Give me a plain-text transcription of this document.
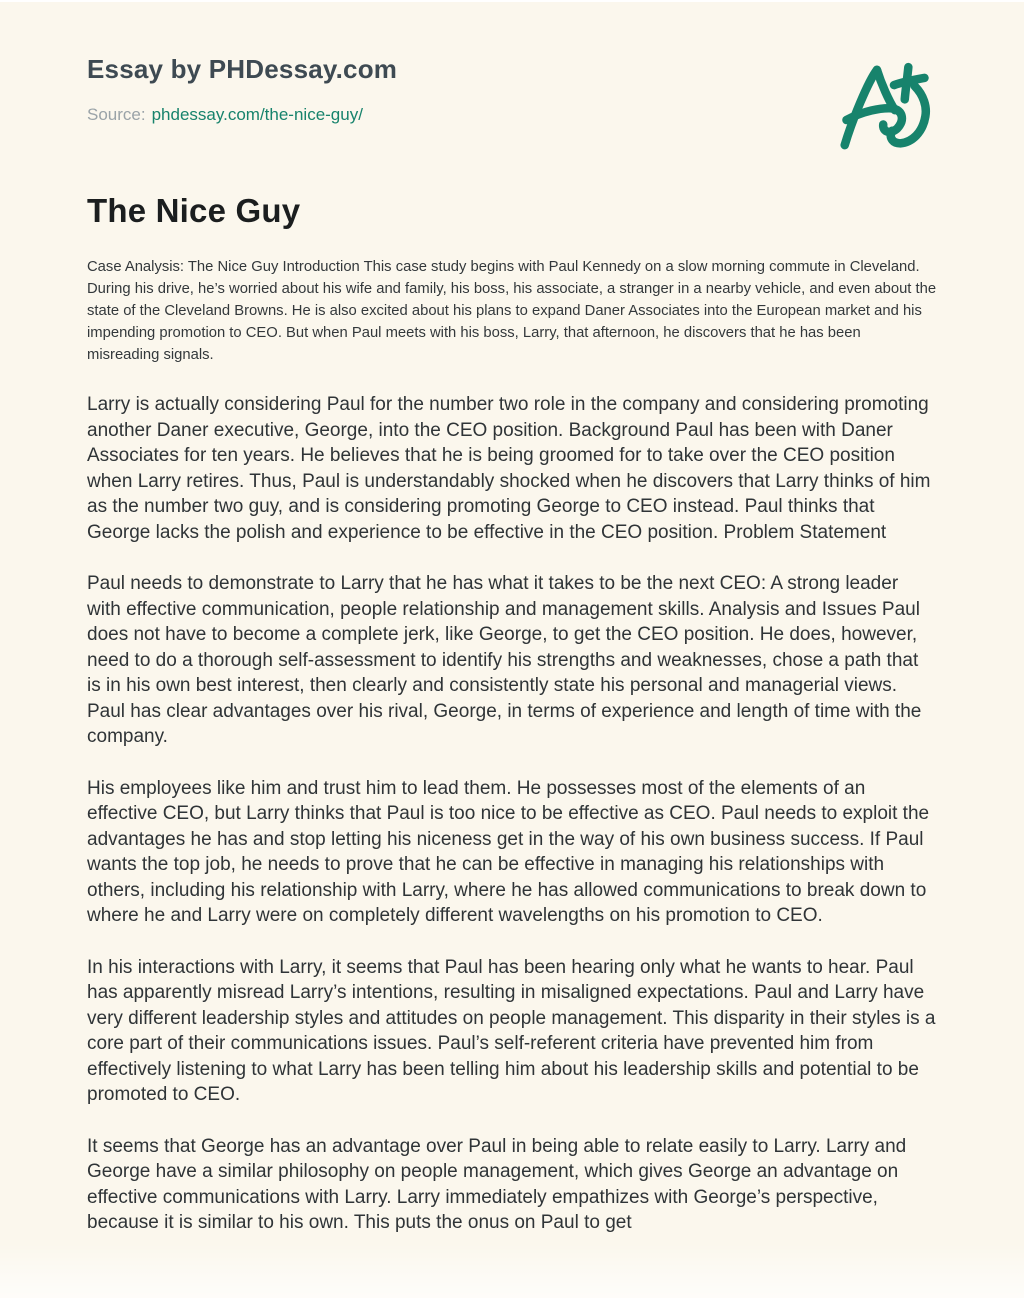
Essay by PHDessay.com
Source: phdessay.com/the-nice-guy/
The Nice Guy

Case Analysis: The Nice Guy Introduction This case study begins with Paul Kennedy on a slow morning commute in Cleveland. During his drive, he’s worried about his wife and family, his boss, his associate, a stranger in a nearby vehicle, and even about the state of the Cleveland Browns. He is also excited about his plans to expand Daner Associates into the European market and his impending promotion to CEO. But when Paul meets with his boss, Larry, that afternoon, he discovers that he has been misreading signals.

Larry is actually considering Paul for the number two role in the company and considering promoting another Daner executive, George, into the CEO position. Background Paul has been with Daner Associates for ten years. He believes that he is being groomed for to take over the CEO position when Larry retires. Thus, Paul is understandably shocked when he discovers that Larry thinks of him as the number two guy, and is considering promoting George to CEO instead. Paul thinks that George lacks the polish and experience to be effective in the CEO position. Problem Statement

Paul needs to demonstrate to Larry that he has what it takes to be the next CEO: A strong leader with effective communication, people relationship and management skills. Analysis and Issues Paul does not have to become a complete jerk, like George, to get the CEO position. He does, however, need to do a thorough self-assessment to identify his strengths and weaknesses, chose a path that is in his own best interest, then clearly and consistently state his personal and managerial views. Paul has clear advantages over his rival, George, in terms of experience and length of time with the company.

His employees like him and trust him to lead them. He possesses most of the elements of an effective CEO, but Larry thinks that Paul is too nice to be effective as CEO. Paul needs to exploit the advantages he has and stop letting his niceness get in the way of his own business success. If Paul wants the top job, he needs to prove that he can be effective in managing his relationships with others, including his relationship with Larry, where he has allowed communications to break down to where he and Larry were on completely different wavelengths on his promotion to CEO.

In his interactions with Larry, it seems that Paul has been hearing only what he wants to hear. Paul has apparently misread Larry’s intentions, resulting in misaligned expectations. Paul and Larry have very different leadership styles and attitudes on people management. This disparity in their styles is a core part of their communications issues. Paul’s self-referent criteria have prevented him from effectively listening to what Larry has been telling him about his leadership skills and potential to be promoted to CEO.

It seems that George has an advantage over Paul in being able to relate easily to Larry. Larry and George have a similar philosophy on people management, which gives George an advantage on effective communications with Larry. Larry immediately empathizes with George’s perspective, because it is similar to his own. This puts the onus on Paul to get
